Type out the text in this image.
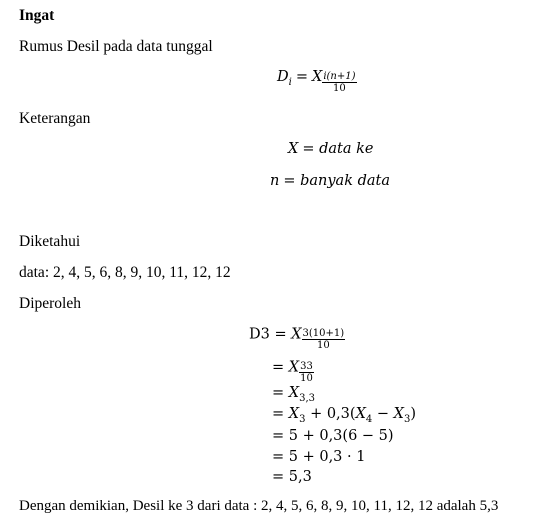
Ingat
Rumus Desil pada data tunggal
$D_i = X \frac{i(n+1)}{10}$
Keterangan
X = data ke
n = banyak data
Diketahui
data: 2, 4, 5, 6, 8, 9, 10, 11, 12, 12
Diperoleh
D3 = X $\frac{3(10+1)}{10}$
= X $\frac{33}{10}$
= $X_{3,3}$
= $X_3 + 0,3(X_4 - X_3)$
= 5 + 0,3(6 − 5)
= 5 + 0,3 · 1
= 5,3
Dengan demikian, Desil ke 3 dari data : 2, 4, 5, 6, 8, 9, 10, 11, 12, 12 adalah 5,3
